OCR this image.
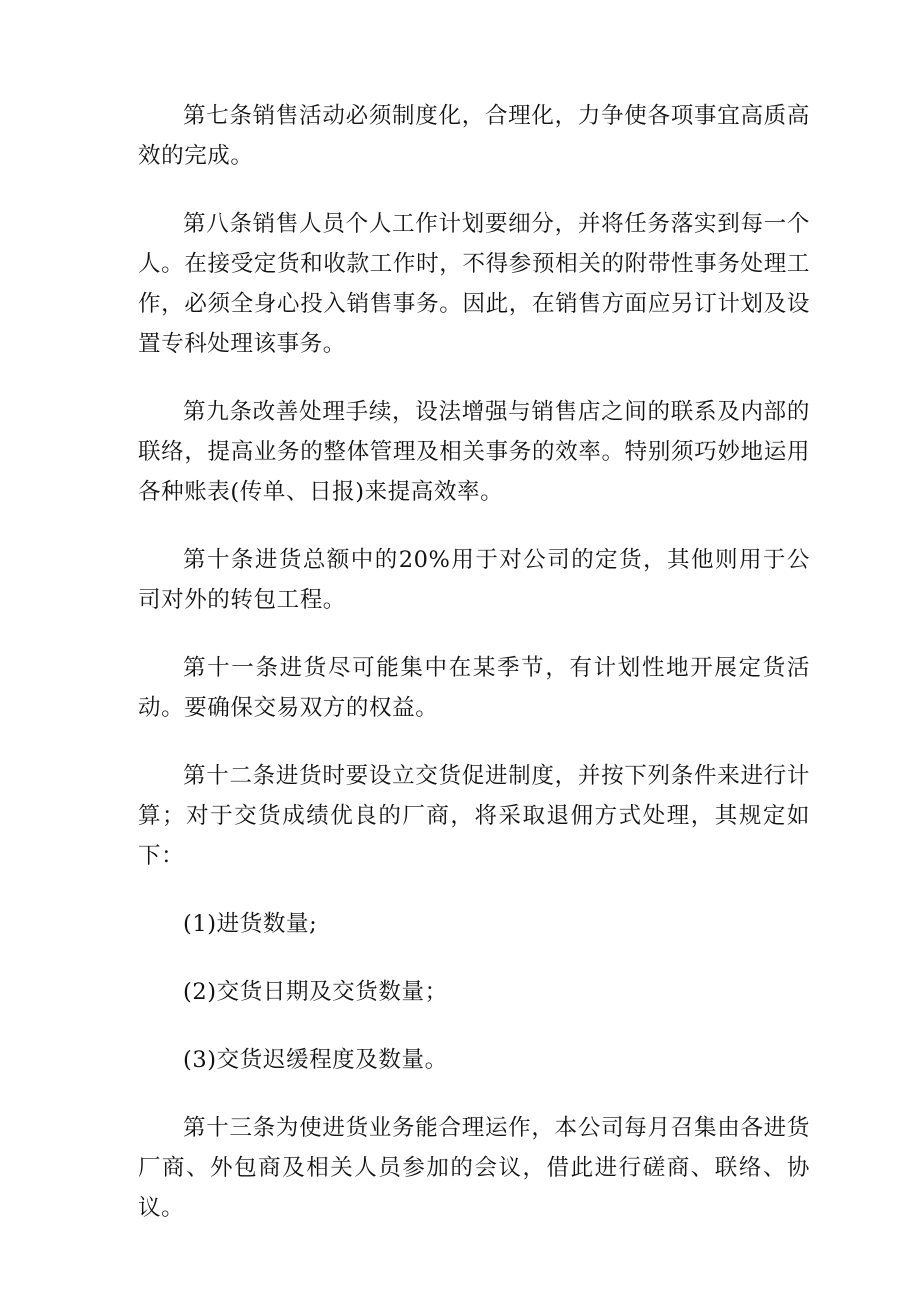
第七条销售活动必须制度化，合理化，力争使各项事宜高质高效的完成。

第八条销售人员个人工作计划要细分，并将任务落实到每一个人。在接受定货和收款工作时，不得参预相关的附带性事务处理工作，必须全身心投入销售事务。因此，在销售方面应另订计划及设置专科处理该事务。

第九条改善处理手续，设法增强与销售店之间的联系及内部的联络，提高业务的整体管理及相关事务的效率。特别须巧妙地运用各种账表(传单、日报)来提高效率。

第十条进货总额中的20%用于对公司的定货，其他则用于公司对外的转包工程。

第十一条进货尽可能集中在某季节，有计划性地开展定货活动。要确保交易双方的权益。

第十二条进货时要设立交货促进制度，并按下列条件来进行计算；对于交货成绩优良的厂商，将采取退佣方式处理，其规定如下：

(1)进货数量;

(2)交货日期及交货数量；

(3)交货迟缓程度及数量。

第十三条为使进货业务能合理运作，本公司每月召集由各进货厂商、外包商及相关人员参加的会议，借此进行磋商、联络、协议。
